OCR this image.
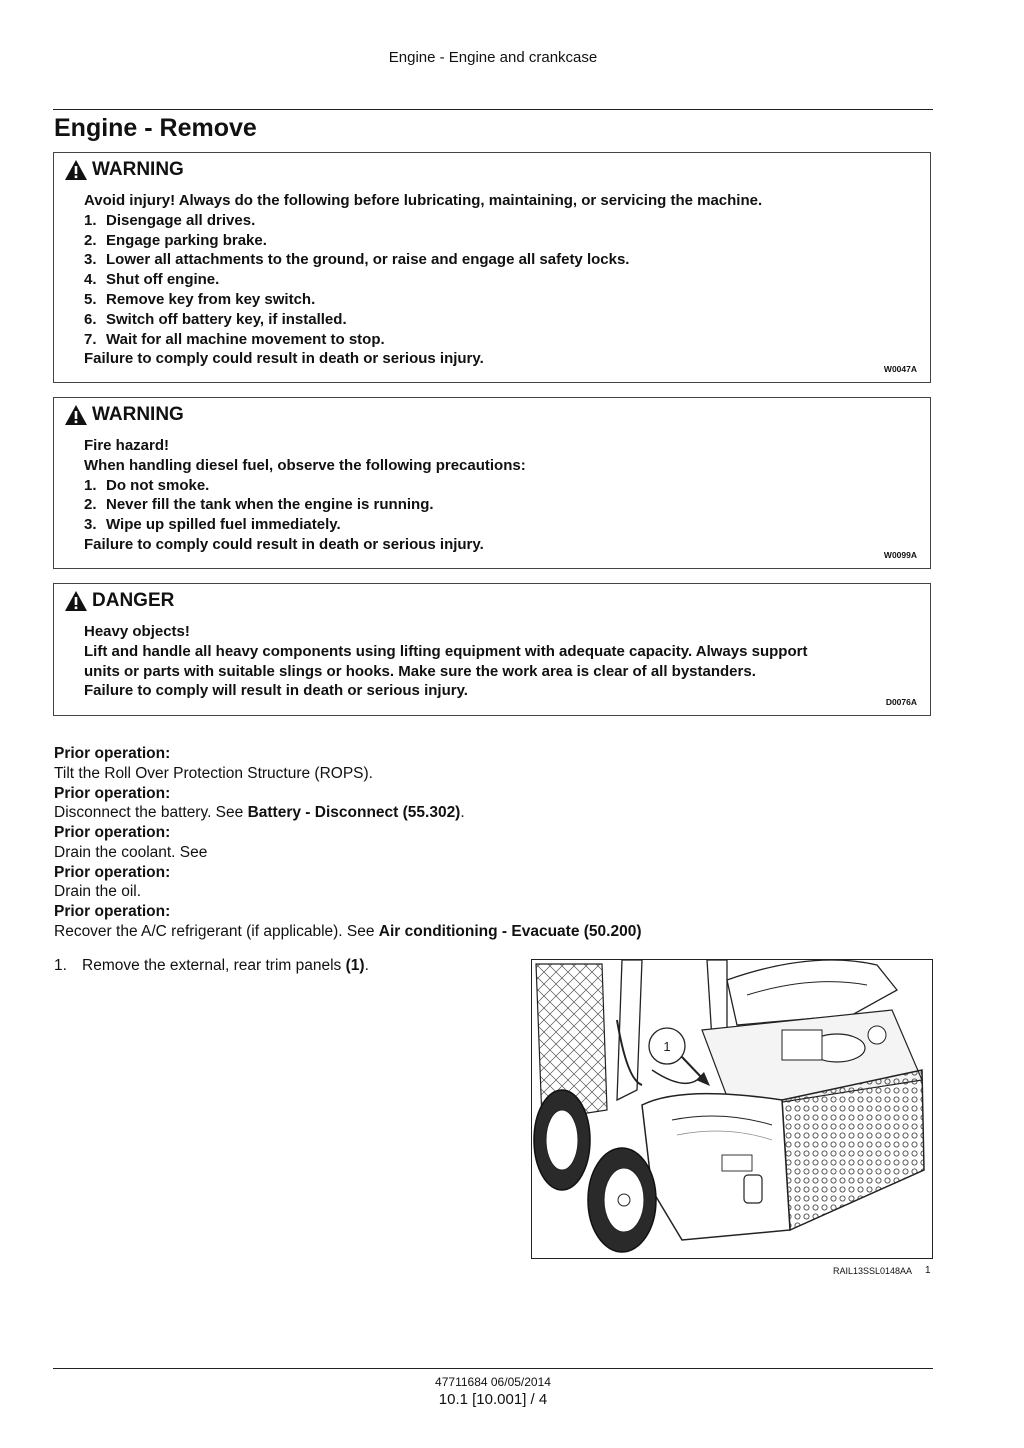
Engine - Engine and crankcase
Engine - Remove
WARNING

Avoid injury! Always do the following before lubricating, maintaining, or servicing the machine.

1. Disengage all drives.

2. Engage parking brake.

3. Lower all attachments to the ground, or raise and engage all safety locks.

4. Shut off engine.

5. Remove key from key switch.

6. Switch off battery key, if installed.

7. Wait for all machine movement to stop.

Failure to comply could result in death or serious injury.

W0047A
WARNING

Fire hazard!

When handling diesel fuel, observe the following precautions:

1. Do not smoke.

2. Never fill the tank when the engine is running.

3. Wipe up spilled fuel immediately.

Failure to comply could result in death or serious injury.

W0099A
DANGER

Heavy objects!

Lift and handle all heavy components using lifting equipment with adequate capacity. Always support

units or parts with suitable slings or hooks. Make sure the work area is clear of all bystanders.

Failure to comply will result in death or serious injury.

D0076A

Prior operation:

Tilt the Roll Over Protection Structure (ROPS).

Prior operation:

Disconnect the battery. See Battery - Disconnect (55.302).

Prior operation:

Drain the coolant. See

Prior operation:

Drain the oil.

Prior operation:

Recover the A/C refrigerant (if applicable). See Air conditioning - Evacuate (50.200)

1. Remove the external, rear trim panels (1).
1
RAIL13SSL0148AA 1
47711684 06/05/2014
10.1 [10.001] / 4
